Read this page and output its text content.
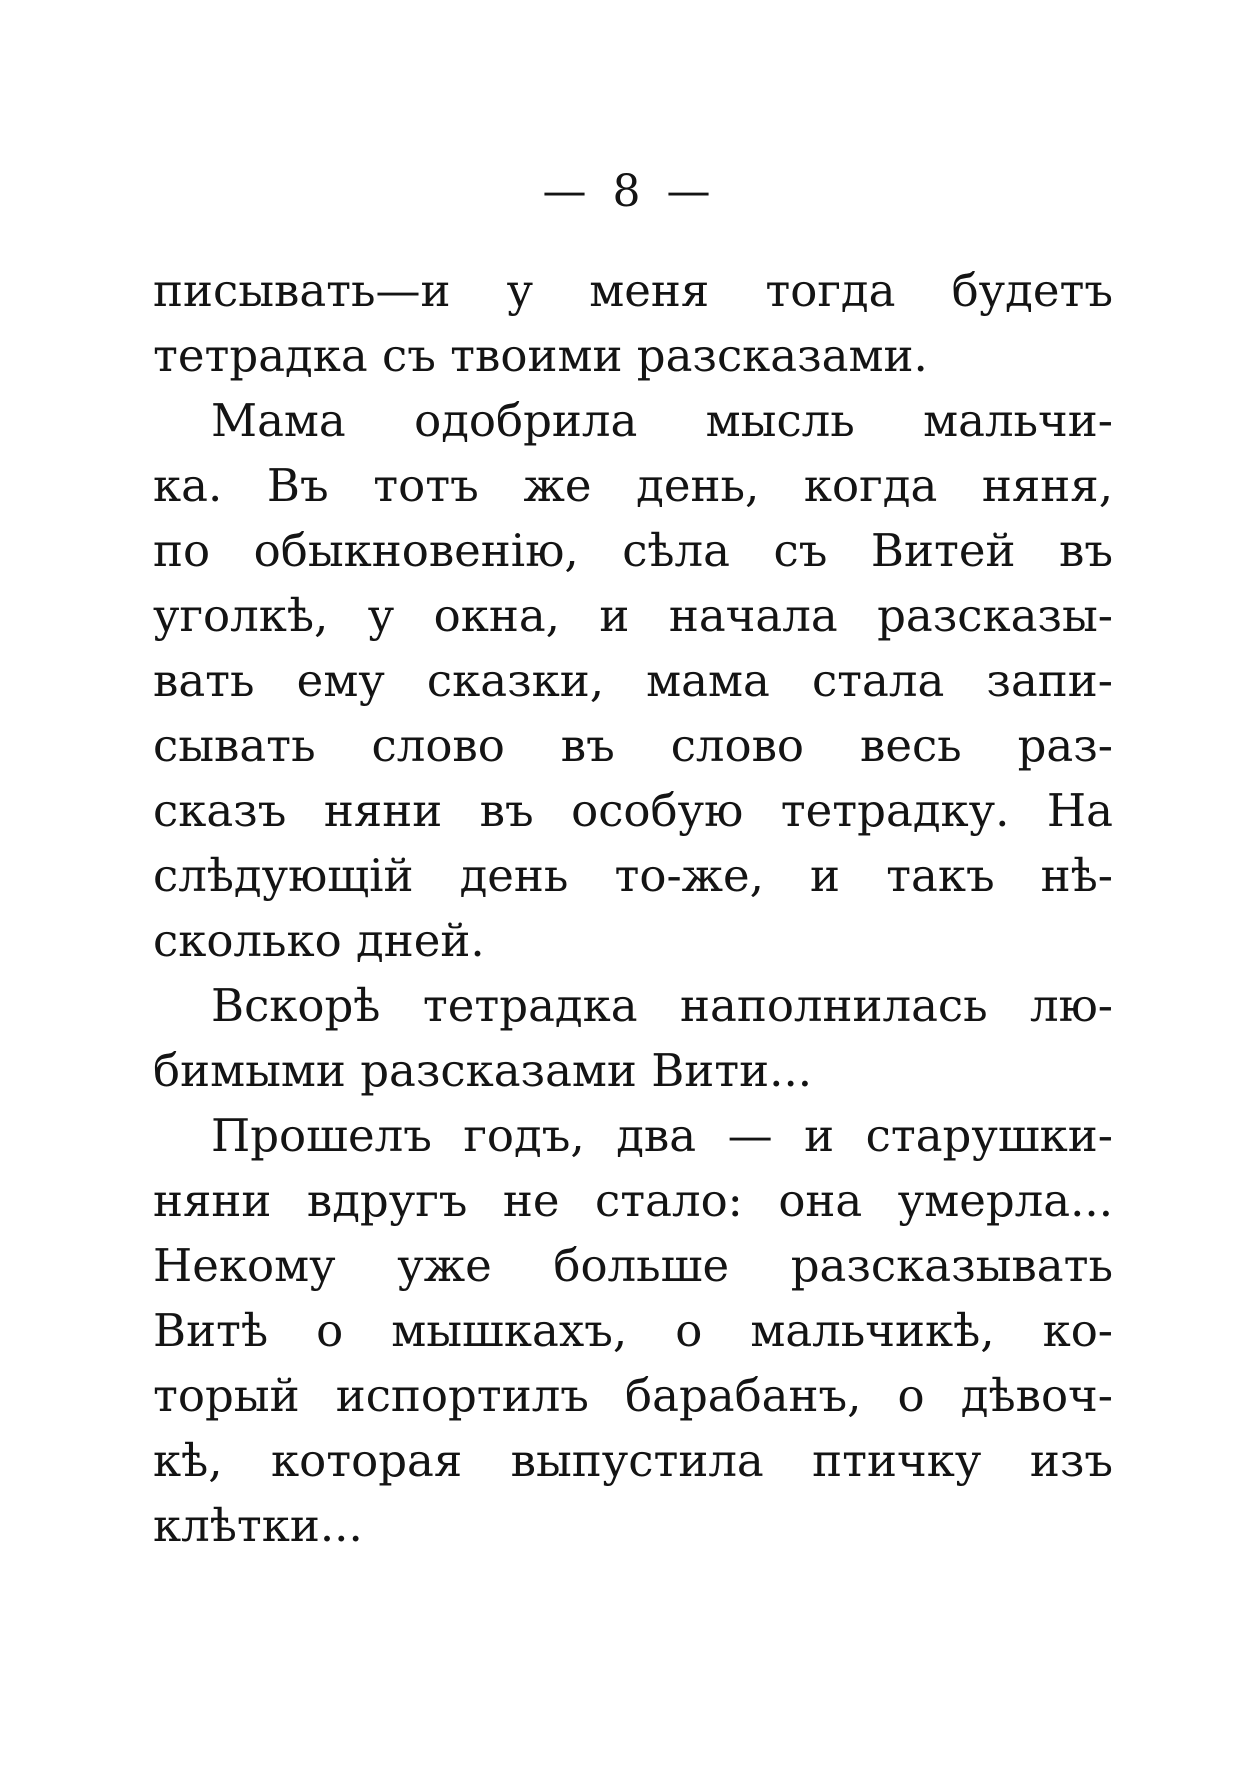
— 8 —
писывать—и у меня тогда будетъ
тетрадка съ твоими разсказами.
Мама одобрила мысль мальчи-
ка. Въ тотъ же день, когда няня,
по обыкновенію, сѣла съ Витей въ
уголкѣ, у окна, и начала разсказы-
вать ему сказки, мама стала запи-
сывать слово въ слово весь раз-
сказъ няни въ особую тетрадку. На
слѣдующій день то-же, и такъ нѣ-
сколько дней.
Вскорѣ тетрадка наполнилась лю-
бимыми разсказами Вити...
Прошелъ годъ, два — и старушки-
няни вдругъ не стало: она умерла...
Некому уже больше разсказывать
Витѣ о мышкахъ, о мальчикѣ, ко-
торый испортилъ барабанъ, о дѣвоч-
кѣ, которая выпустила птичку изъ
клѣтки...
